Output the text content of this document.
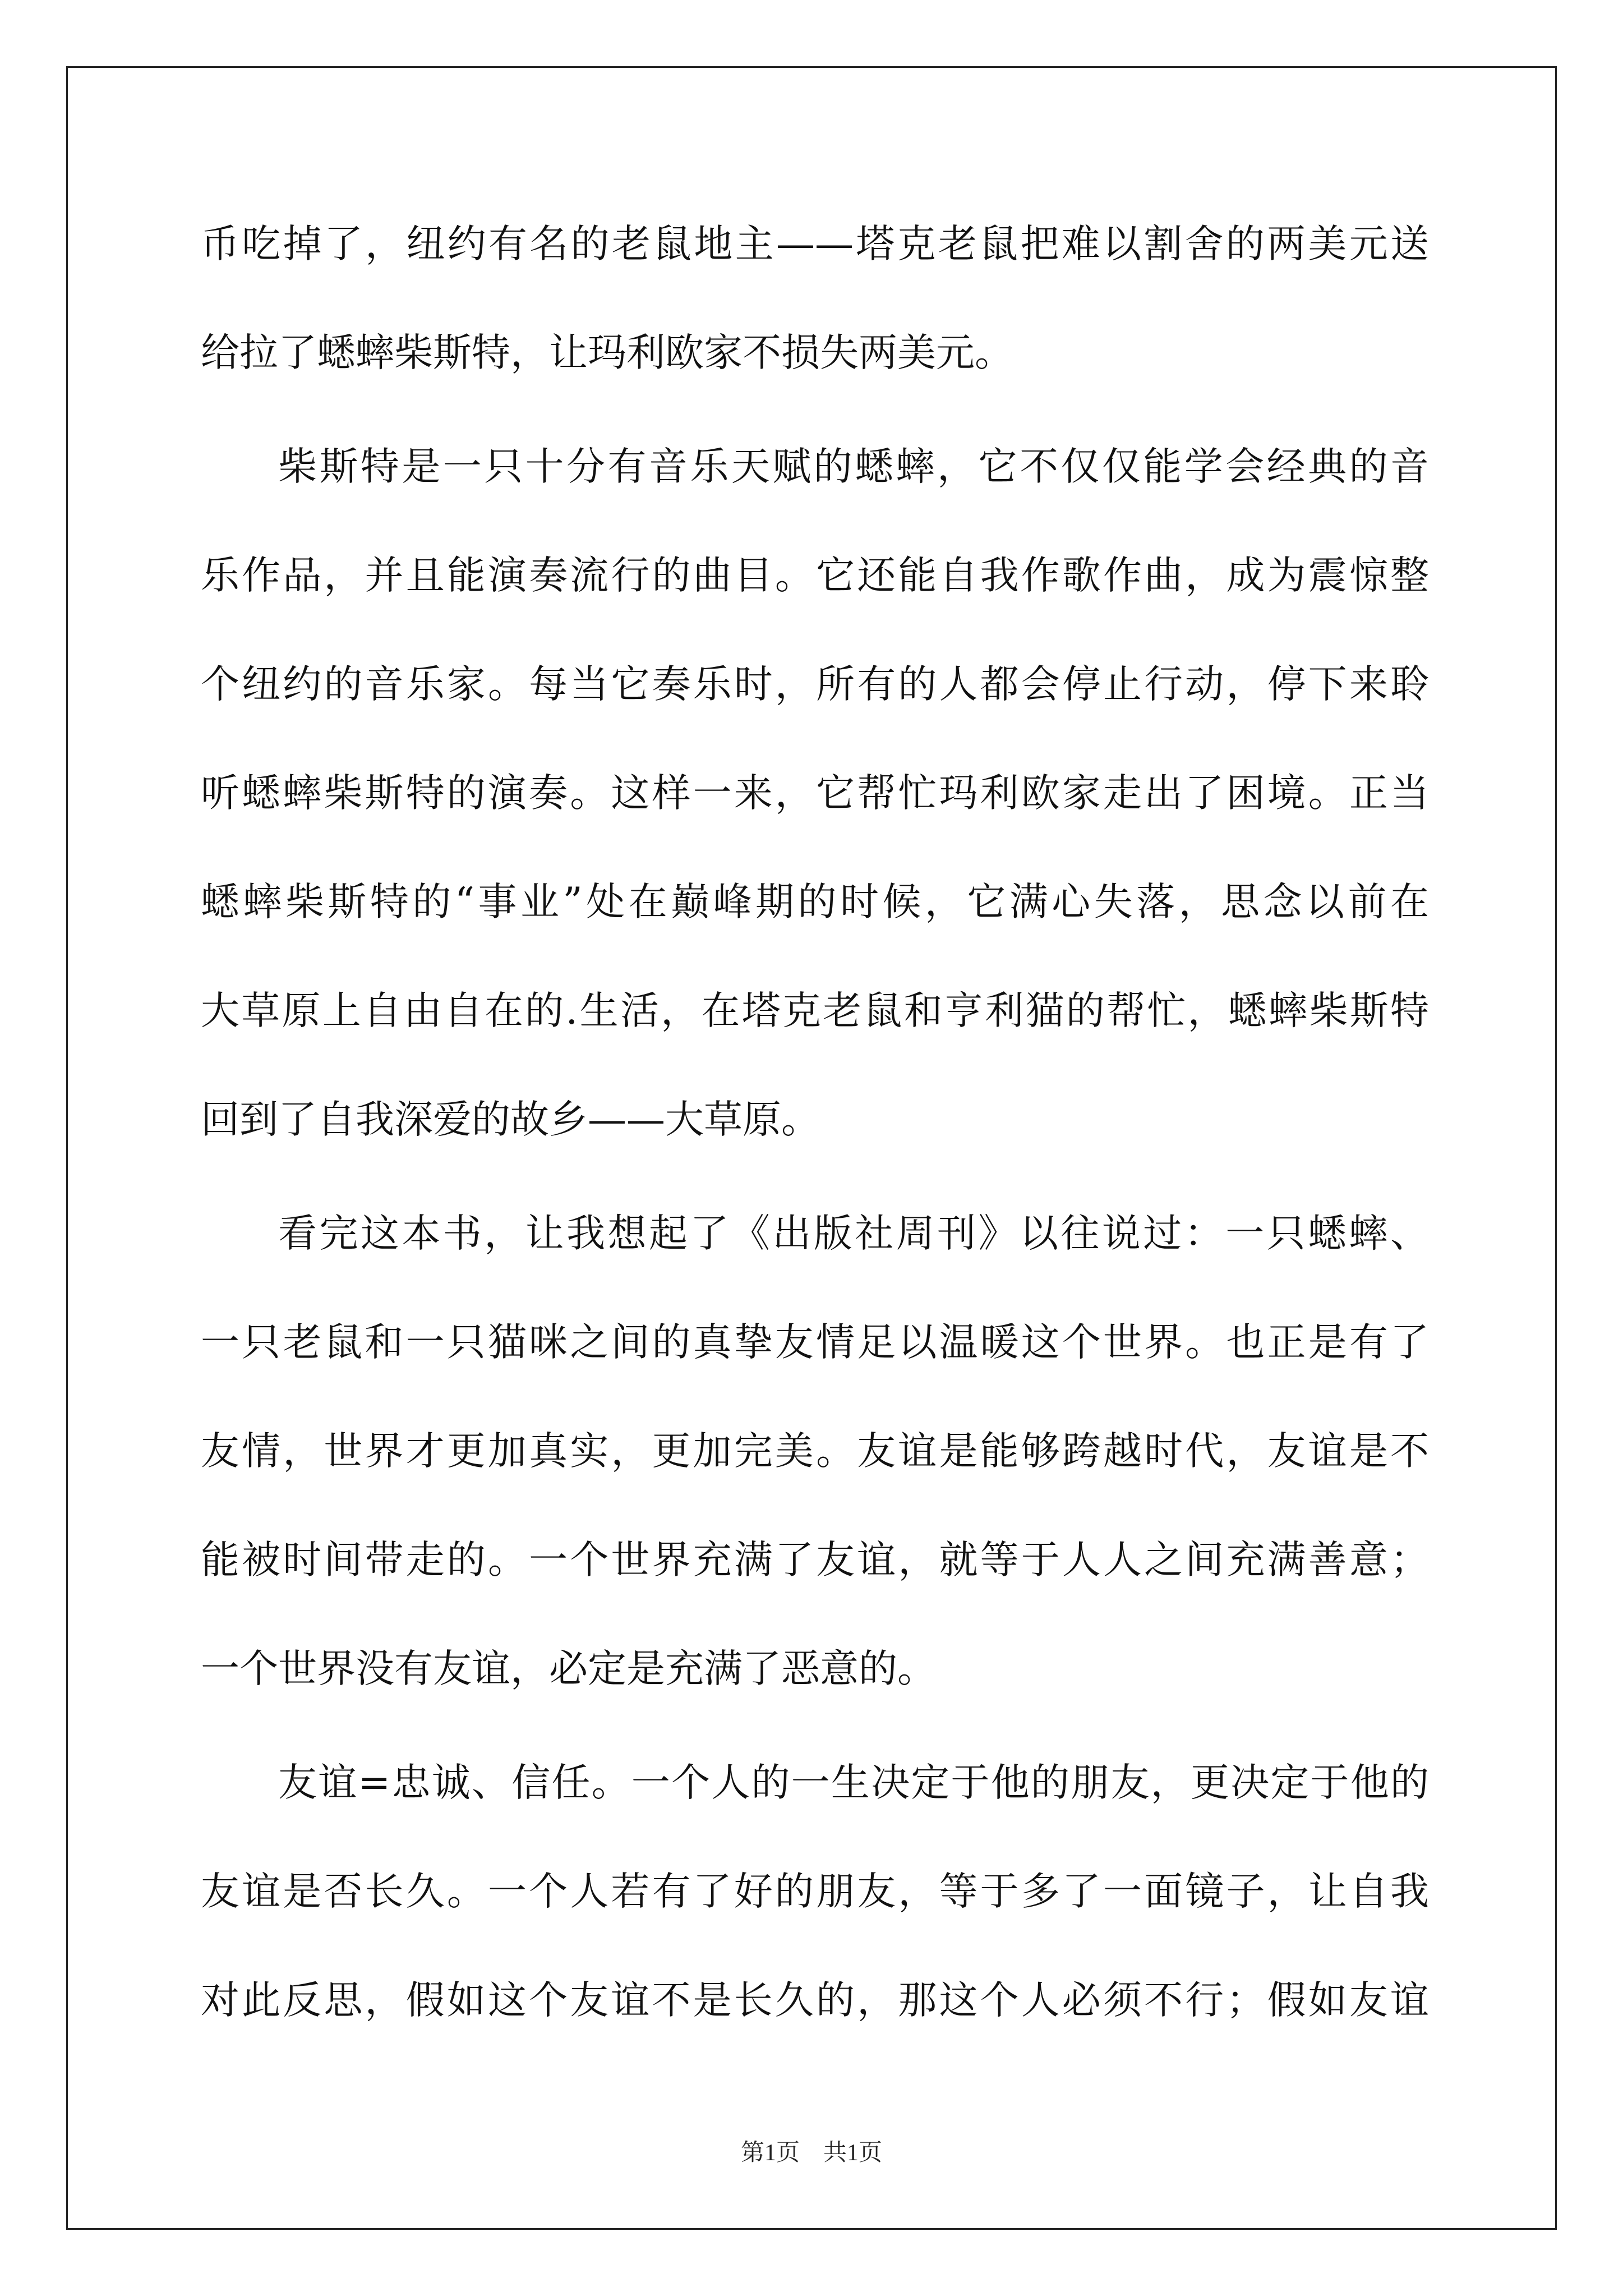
币吃掉了，纽约有名的老鼠地主——塔克老鼠把难以割舍的两美元送
给拉了蟋蟀柴斯特，让玛利欧家不损失两美元。
柴斯特是一只十分有音乐天赋的蟋蟀，它不仅仅能学会经典的音
乐作品，并且能演奏流行的曲目。它还能自我作歌作曲，成为震惊整
个纽约的音乐家。每当它奏乐时，所有的人都会停止行动，停下来聆
听蟋蟀柴斯特的演奏。这样一来，它帮忙玛利欧家走出了困境。正当
蟋蟀柴斯特的“事业”处在巅峰期的时候，它满心失落，思念以前在
大草原上自由自在的.生活，在塔克老鼠和亨利猫的帮忙，蟋蟀柴斯特
回到了自我深爱的故乡——大草原。
看完这本书，让我想起了《出版社周刊》以往说过：一只蟋蟀、
一只老鼠和一只猫咪之间的真挚友情足以温暖这个世界。也正是有了
友情，世界才更加真实，更加完美。友谊是能够跨越时代，友谊是不
能被时间带走的。一个世界充满了友谊，就等于人人之间充满善意；
一个世界没有友谊，必定是充满了恶意的。
友谊=忠诚、信任。一个人的一生决定于他的朋友，更决定于他的
友谊是否长久。一个人若有了好的朋友，等于多了一面镜子，让自我
对此反思，假如这个友谊不是长久的，那这个人必须不行；假如友谊
第1页　共1页
